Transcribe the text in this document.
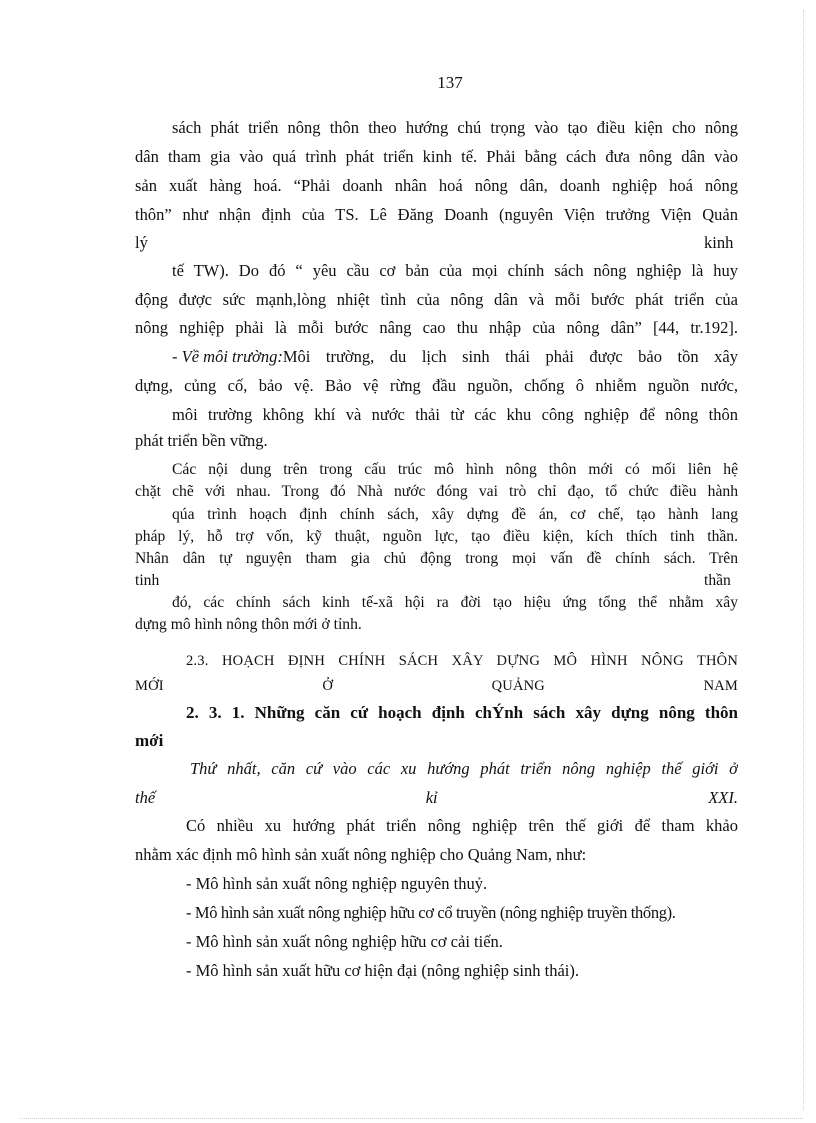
137
sách phát triển nông thôn theo hướng chú trọng vào tạo điều kiện cho nông
dân tham gia vào quá trình phát triển kinh tế. Phải bằng cách đưa nông dân vào
sản xuất hàng hoá. “Phải doanh nhân hoá nông dân, doanh nghiệp hoá nông
thôn” như nhận định của TS. Lê Đăng Doanh (nguyên Viện trưởng Viện Quản
lý	kinh
tế TW). Do đó “ yêu cầu cơ bản của mọi chính sách nông nghiệp là huy
động được sức mạnh,lòng nhiệt tình của nông dân và mỗi bước phát triển của
nông nghiệp phải là mỗi bước nâng cao thu nhập của nông dân” [44, tr.192].
- Về môi trường: Môi trường, du lịch sinh thái phải được bảo tồn xây
dựng, củng cố, bảo vệ. Bảo vệ rừng đầu nguồn, chống ô nhiễm nguồn nước,
môi trường không khí và nước thải từ các khu công nghiệp để nông thôn
phát triển bền vững.
Các nội dung trên trong cấu trúc mô hình nông thôn mới có mối liên hệ
chặt chẽ với nhau. Trong đó Nhà nước đóng vai trò chỉ đạo, tổ chức điều hành
qúa trình hoạch định chính sách, xây dựng đề án, cơ chế, tạo hành lang
pháp lý, hỗ trợ vốn, kỹ thuật, nguồn lực, tạo điều kiện, kích thích tinh thần.
Nhân dân tự nguyện tham gia chủ động trong mọi vấn đề chính sách. Trên
tinh	thần
đó, các chính sách kinh tế-xã hội ra đời tạo hiệu ứng tổng thể nhằm xây
dựng mô hình nông thôn mới ở tỉnh.
2.3. HOẠCH ĐỊNH CHÍNH SÁCH XÂY DỰNG MÔ HÌNH NÔNG THÔN
MỚI	Ở	QUẢNG	NAM
2. 3. 1. Những căn cứ hoạch định chÝnh sách xây dựng nông thôn
mới
Thứ nhất, căn cứ vào các xu hướng phát triển nông nghiệp thế giới ở
thế	kỉ	XXI.
Có nhiều xu hướng phát triển nông nghiệp trên thế giới để tham khảo
nhằm xác định mô hình sản xuất nông nghiệp cho Quảng Nam, như:
- Mô hình sản xuất nông nghiệp nguyên thuỷ.
- Mô hình sản xuất nông nghiệp hữu cơ cổ truyền (nông nghiệp truyền thống).
- Mô hình sản xuất nông nghiệp hữu cơ cải tiến.
- Mô hình sản xuất hữu cơ hiện đại (nông nghiệp sinh thái).
